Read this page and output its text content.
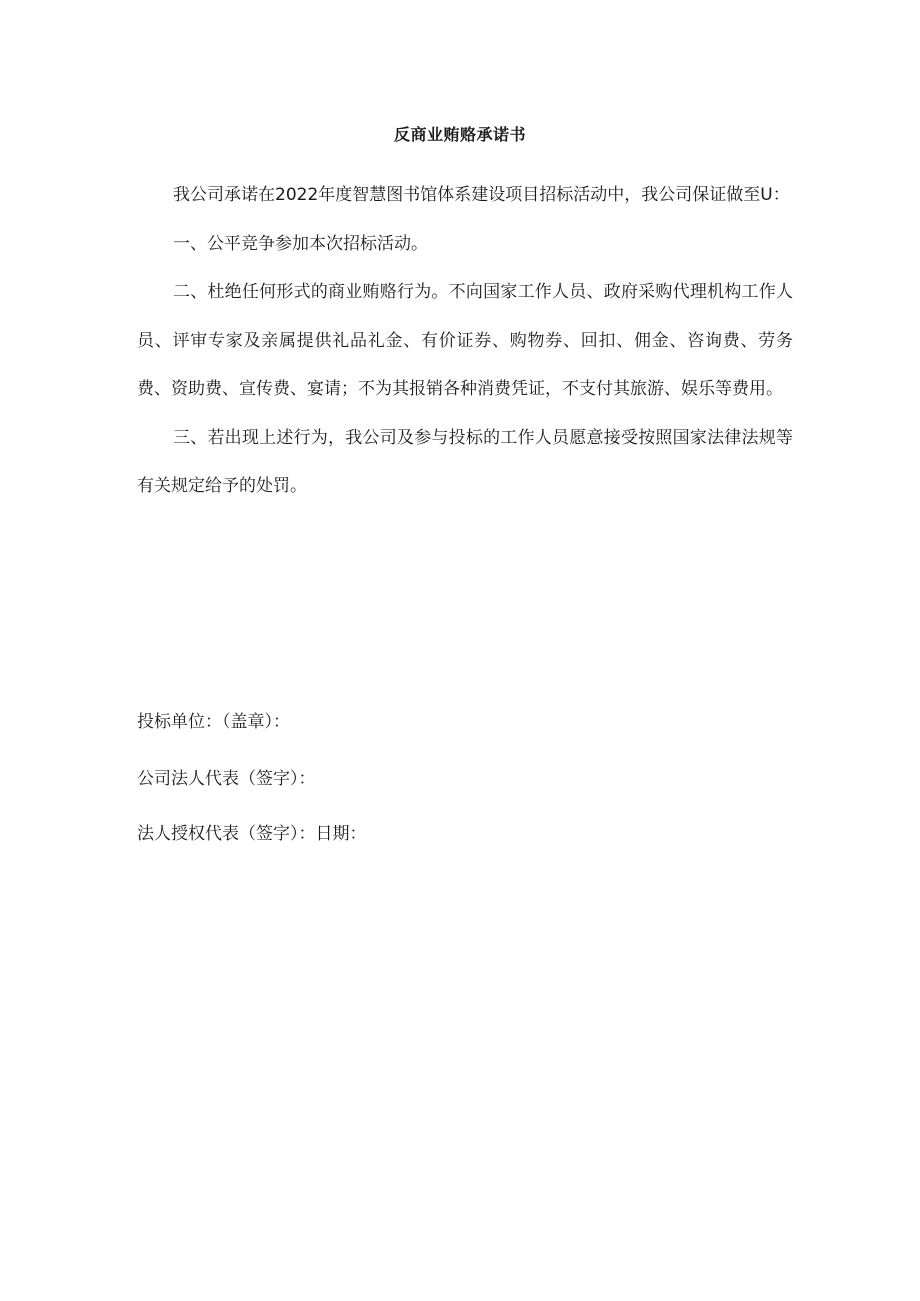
反商业贿赂承诺书

我公司承诺在2022年度智慧图书馆体系建设项目招标活动中，我公司保证做至U：

一、公平竞争参加本次招标活动。

二、杜绝任何形式的商业贿赂行为。不向国家工作人员、政府采购代理机构工作人员、评审专家及亲属提供礼品礼金、有价证券、购物券、回扣、佣金、咨询费、劳务费、资助费、宣传费、宴请；不为其报销各种消费凭证，不支付其旅游、娱乐等费用。

三、若出现上述行为，我公司及参与投标的工作人员愿意接受按照国家法律法规等有关规定给予的处罚。

投标单位：（盖章）：
公司法人代表（签字）：
法人授权代表（签字）：日期：
